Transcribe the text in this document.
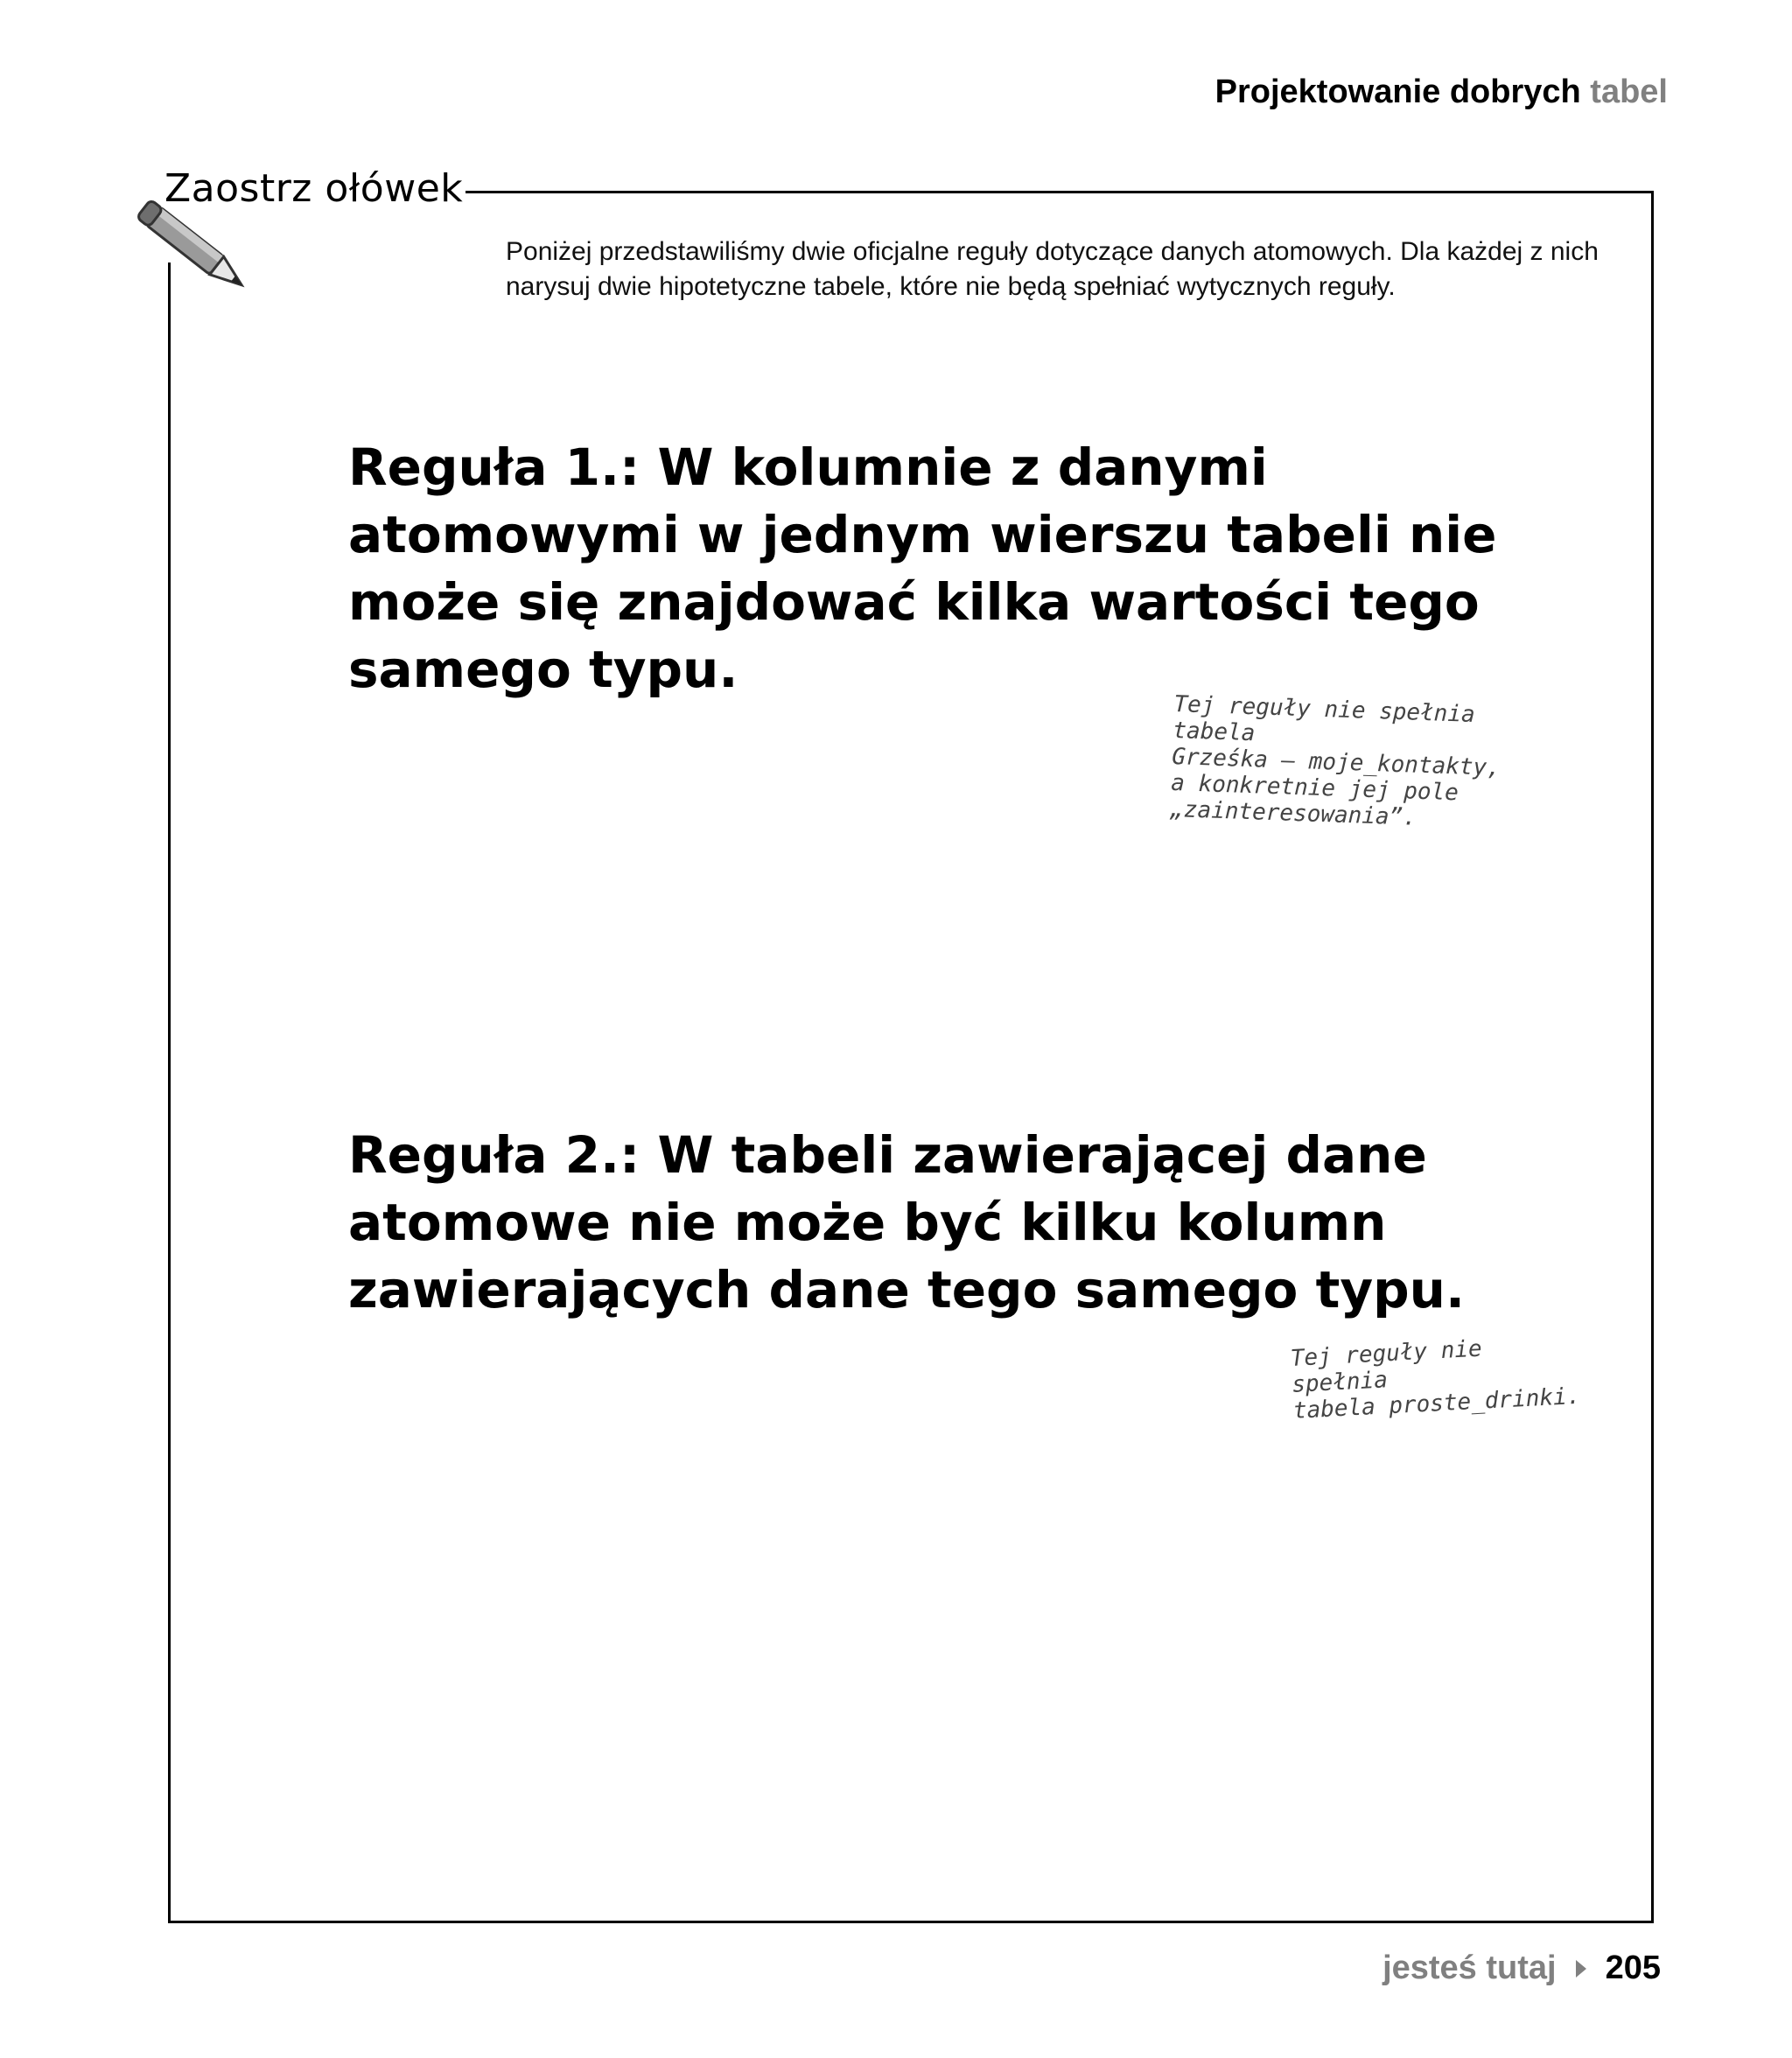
Projektowanie dobrych tabel
Zaostrz ołówek
Poniżej przedstawiliśmy dwie oficjalne reguły dotyczące danych atomowych. Dla każdej z nich narysuj dwie hipotetyczne tabele, które nie będą spełniać wytycznych reguły.
Reguła 1.: W kolumnie z danymi atomowymi w jednym wierszu tabeli nie może się znajdować kilka wartości tego samego typu.
Tej reguły nie spełnia tabela
Grześka — moje_kontakty,
a konkretnie jej pole
„zainteresowania”.
Reguła 2.: W tabeli zawierającej dane atomowe nie może być kilku kolumn zawierających dane tego samego typu.
Tej reguły nie spełnia
tabela proste_drinki.
jesteś tutaj 205
